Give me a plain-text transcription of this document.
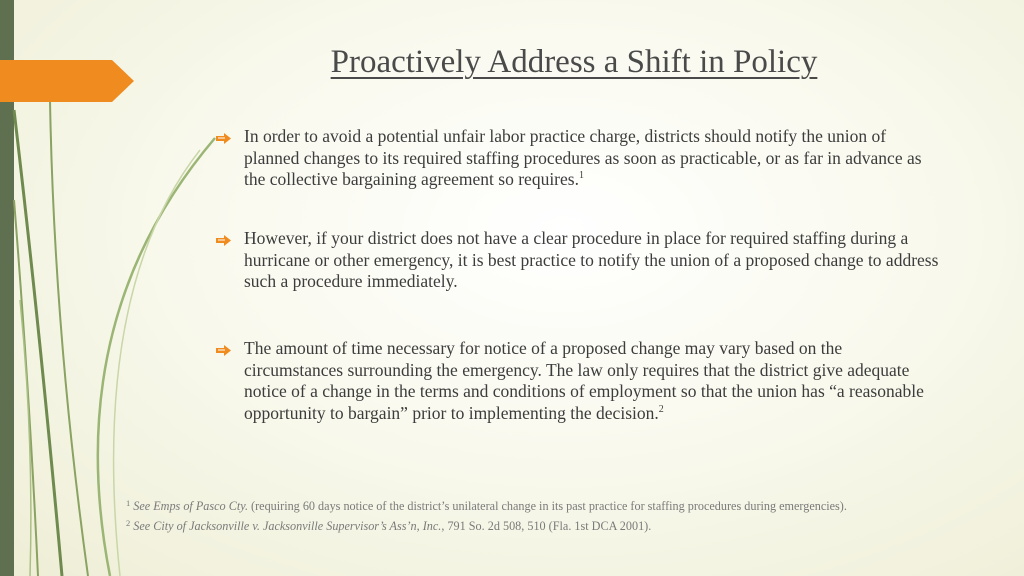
Proactively Address a Shift in Policy
In order to avoid a potential unfair labor practice charge, districts should notify the union of planned changes to its required staffing procedures as soon as practicable, or as far in advance as the collective bargaining agreement so requires.$^1$
However, if your district does not have a clear procedure in place for required staffing during a hurricane or other emergency, it is best practice to notify the union of a proposed change to address such a procedure immediately.
The amount of time necessary for notice of a proposed change may vary based on the circumstances surrounding the emergency. The law only requires that the district give adequate notice of a change in the terms and conditions of employment so that the union has “a reasonable opportunity to bargain” prior to implementing the decision.$^2$
$^1$ See Emps of Pasco Cty. (requiring 60 days notice of the district’s unilateral change in its past practice for staffing procedures during emergencies).
$^2$ See City of Jacksonville v. Jacksonville Supervisor’s Ass’n, Inc., 791 So. 2d 508, 510 (Fla. 1st DCA 2001).
